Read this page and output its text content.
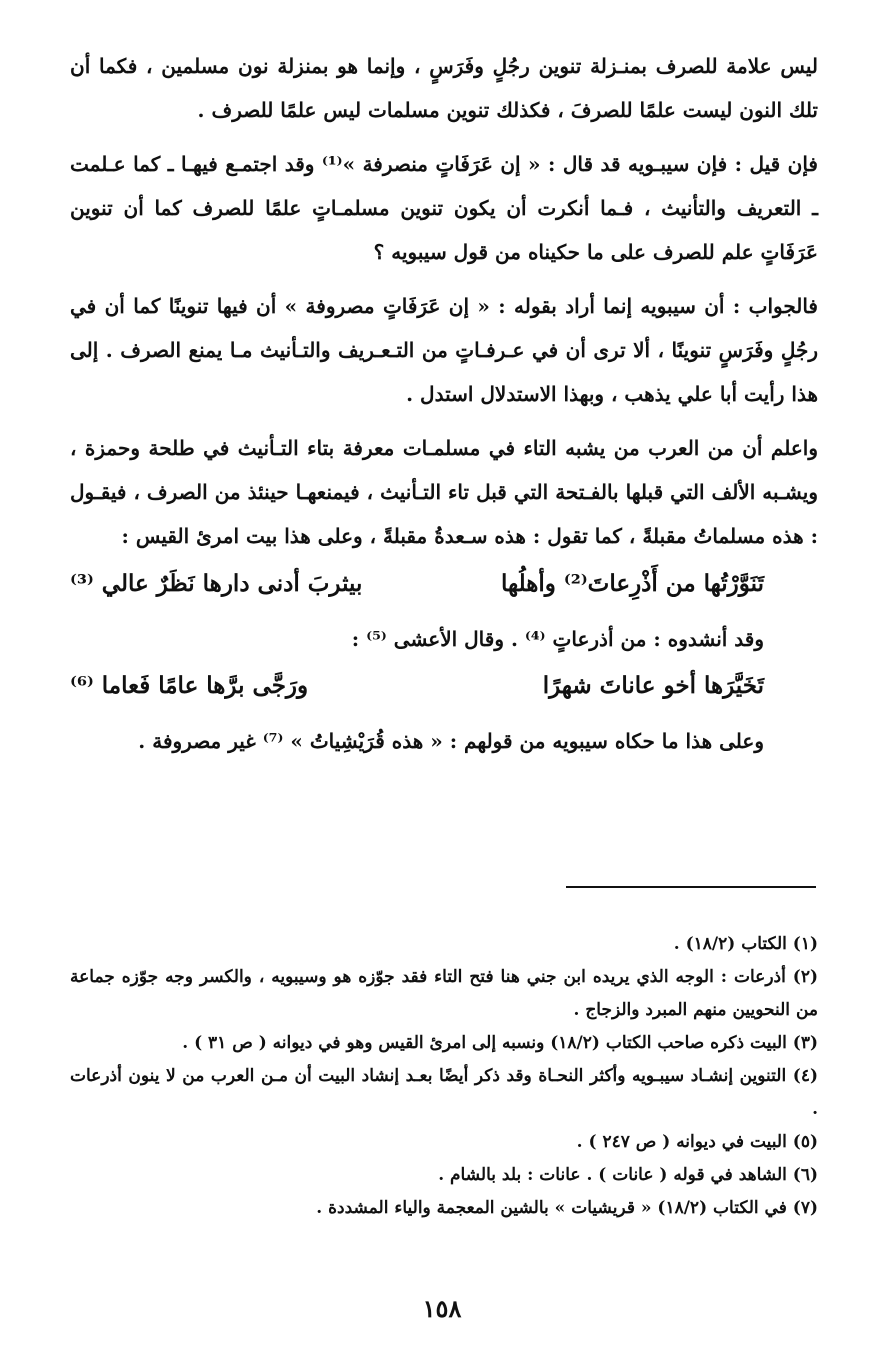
ليس علامة للصرف بمنـزلة تنوين رجُلٍ وفَرَسٍ ، وإنما هو بمنزلة نون مسلمين ، فكما أن تلك النون ليست علمًا للصرفَ ، فكذلك تنوين مسلمات ليس علمًا للصرف .

فإن قيل : فإن سيبـويه قد قال : « إن عَرَفَاتٍ منصرفة »⁽¹⁾ وقد اجتمـع فيهـا ـ كما عـلمت ـ التعريف والتأنيث ، فـما أنكرت أن يكون تنوين مسلمـاتٍ علمًا للصرف كما أن تنوين عَرَفَاتٍ علم للصرف على ما حكيناه من قول سيبويه ؟

فالجواب : أن سيبويه إنما أراد بقوله : « إن عَرَفَاتٍ مصروفة » أن فيها تنوينًا كما أن في رجُلٍ وفَرَسٍ تنوينًا ، ألا ترى أن في عـرفـاتٍ من التـعـريف والتـأنيث مـا يمنع الصرف . إلى هذا رأيت أبا علي يذهب ، وبهذا الاستدلال استدل .

واعلم أن من العرب من يشبه التاء في مسلمـات معرفة بتاء التـأنيث في طلحة وحمزة ، ويشـبه الألف التي قبلها بالفـتحة التي قبل تاء التـأنيث ، فيمنعهـا حينئذ من الصرف ، فيقـول : هذه مسلماتُ مقبلةً ، كما تقول : هذه سـعدةُ مقبلةً ، وعلى هذا بيت امرئ القيس :

تَنَوَّرْتُها من أَذْرِعاتَ⁽²⁾ وأهلُها
بيثربَ أدنى دارها نَظَرٌ عالي ⁽³⁾
وقد أنشدوه : من أذرعاتٍ ⁽⁴⁾ . وقال الأعشى ⁽⁵⁾ :
تَخَيَّرَها أخو عاناتَ شهرًا
ورَجَّى برَّها عامًا فَعاما ⁽⁶⁾
وعلى هذا ما حكاه سيبويه من قولهم : « هذه قُرَيْشِياتُ » ⁽⁷⁾ غير مصروفة .

(١) الكتاب (١٨/٢) .

(٢) أذرعات : الوجه الذي يريده ابن جني هنا فتح التاء فقد جوّزه هو وسيبويه ، والكسر وجه جوّزه جماعة من النحويين منهم المبرد والزجاج .

(٣) البيت ذكره صاحب الكتاب (١٨/٢) ونسبه إلى امرئ القيس وهو في ديوانه ( ص ٣١ ) .

(٤) التنوين إنشـاد سيبـويه وأكثر النحـاة وقد ذكر أيضًا بعـد إنشاد البيت أن مـن العرب من لا ينون أذرعات .

(٥) البيت في ديوانه ( ص ٢٤٧ ) .

(٦) الشاهد في قوله ( عانات ) . عانات : بلد بالشام .

(٧) في الكتاب (١٨/٢) « قريشيات » بالشين المعجمة والياء المشددة .

١٥٨
